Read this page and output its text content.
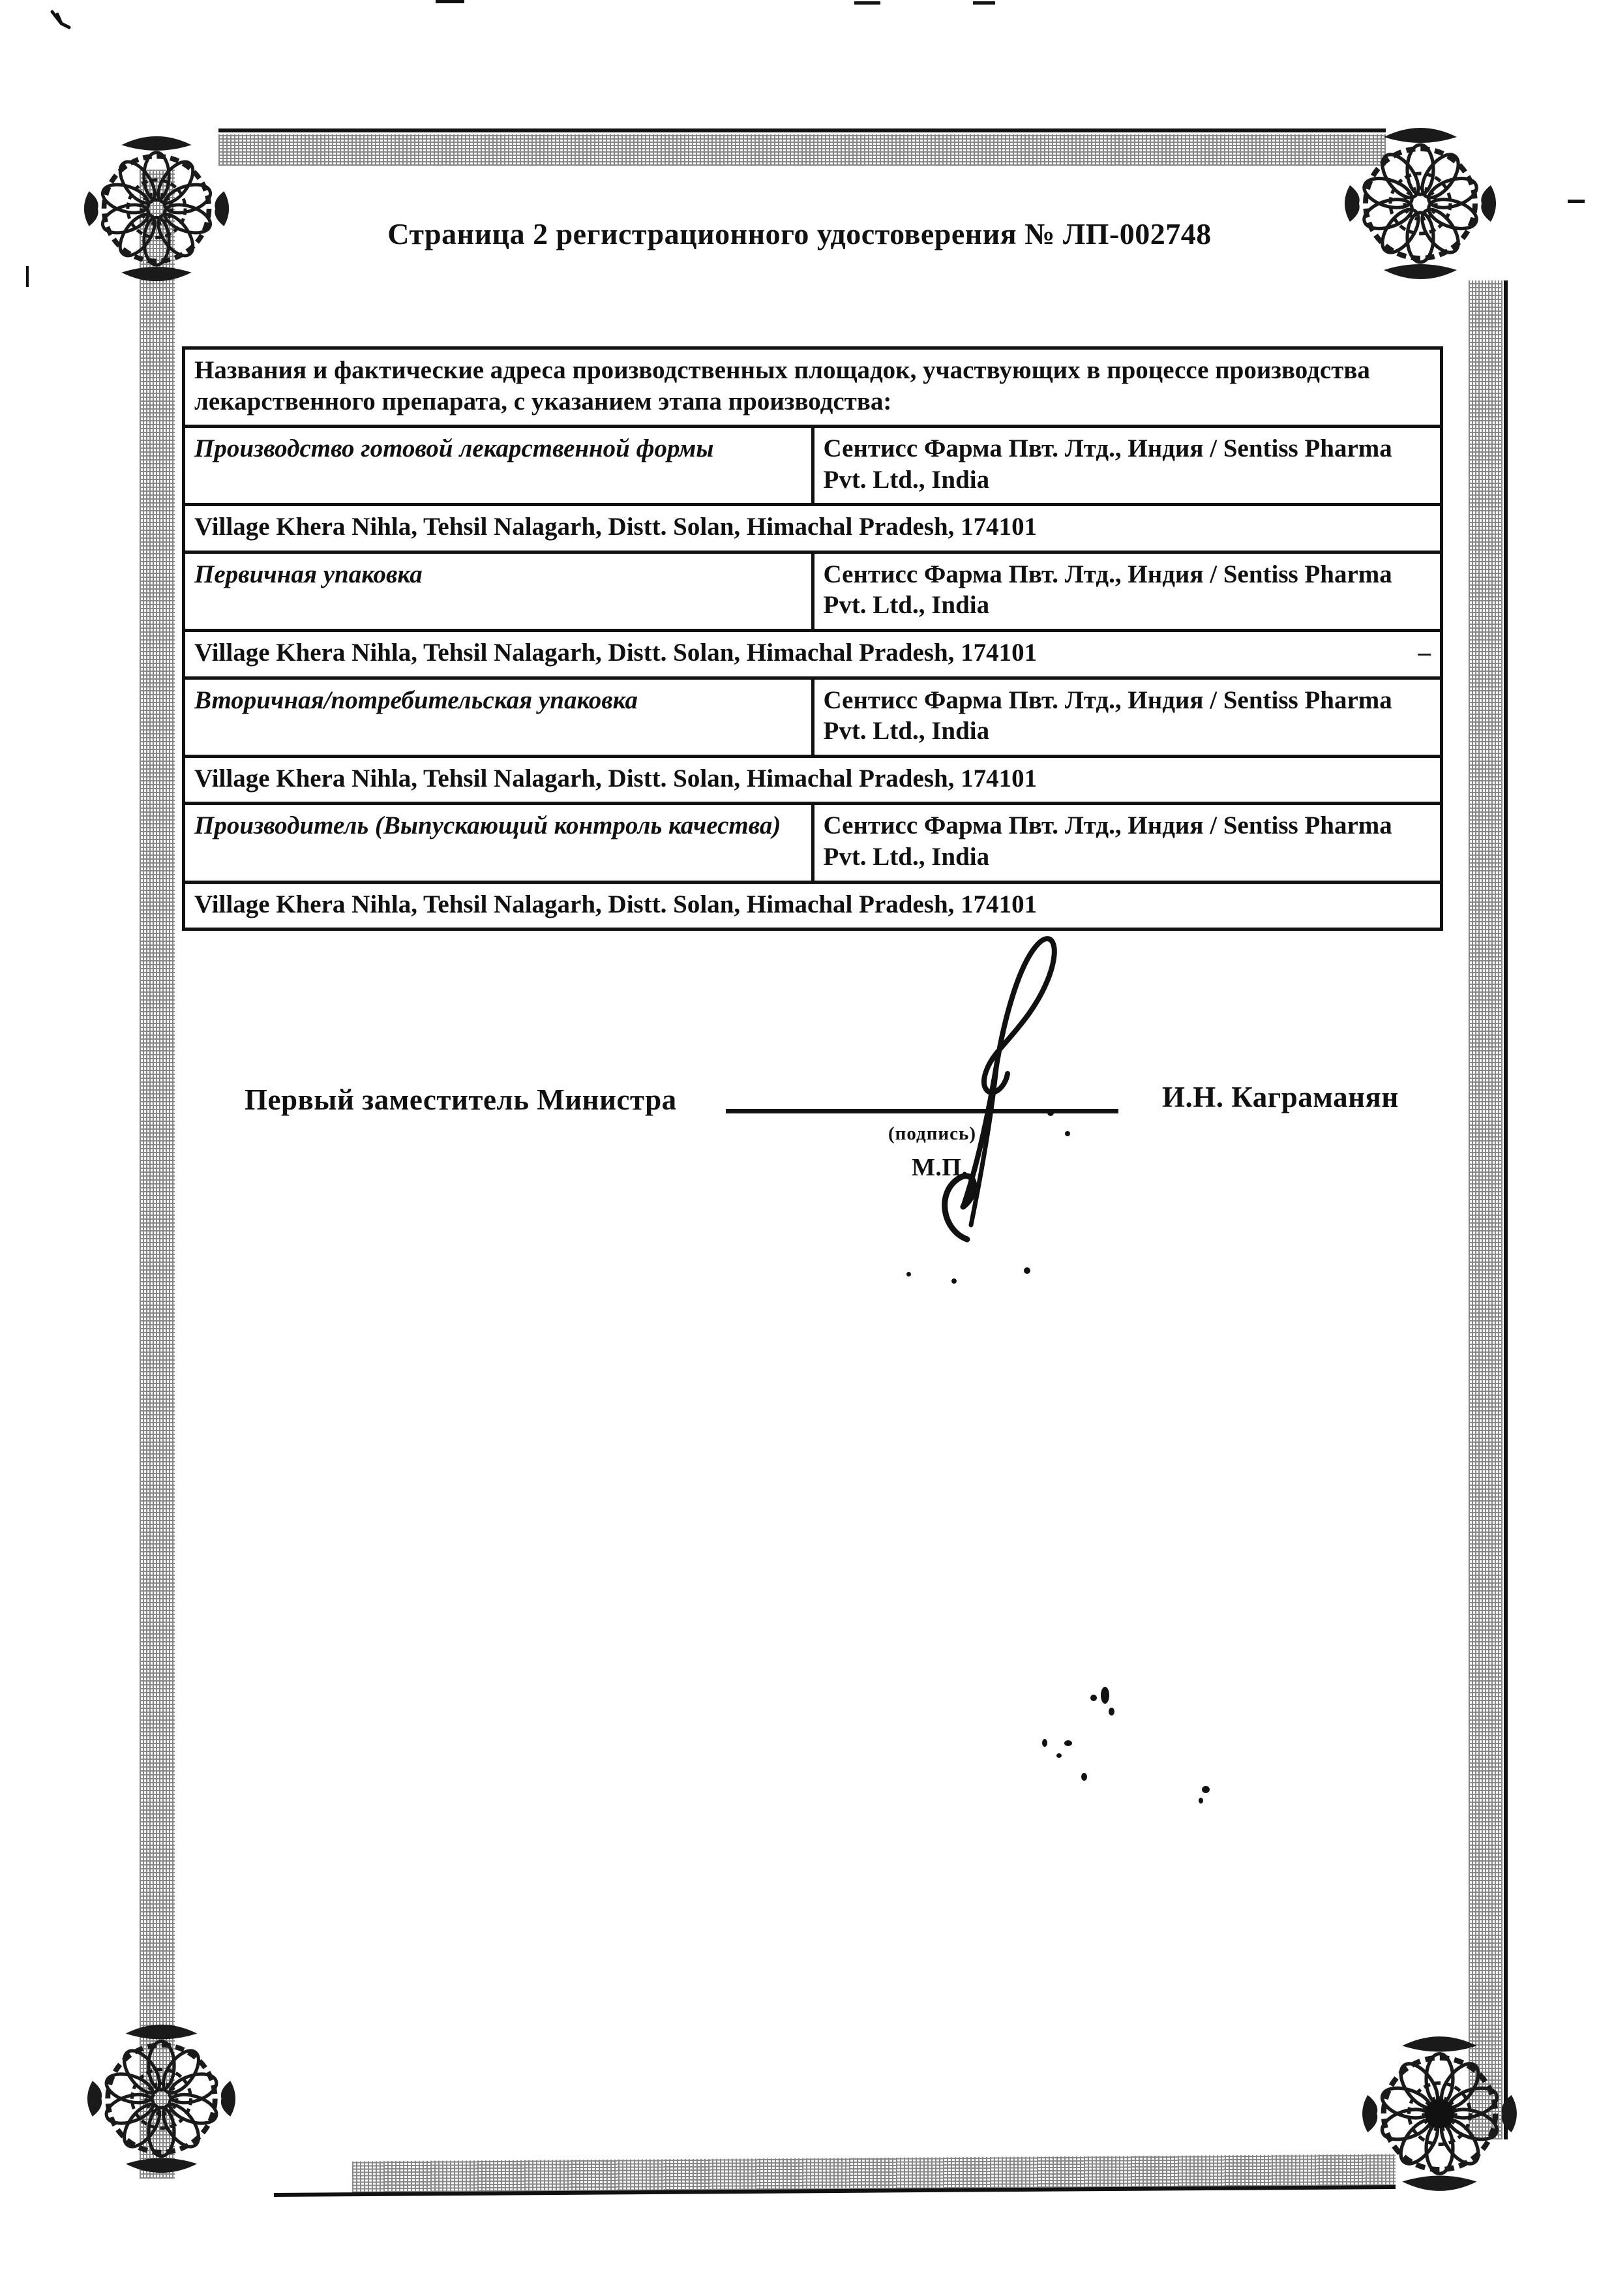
Страница 2 регистрационного удостоверения № ЛП-002748
Названия и фактические адреса производственных площадок, участвующих в процессе производства лекарственного препарата, с указанием этапа производства:	
Производство готовой лекарственной формы	Сентисс Фарма Пвт. Лтд., Индия / Sentiss Pharma Pvt. Ltd., India

Village Khera Nihla, Tehsil Nalagarh, Distt. Solan, Himachal Pradesh, 174101	

Первичная упаковка	Сентисс Фарма Пвт. Лтд., Индия / Sentiss Pharma Pvt. Ltd., India

Village Khera Nihla, Tehsil Nalagarh, Distt. Solan, Himachal Pradesh, 174101 –	

Вторичная/потребительская упаковка	Сентисс Фарма Пвт. Лтд., Индия / Sentiss Pharma Pvt. Ltd., India

Village Khera Nihla, Tehsil Nalagarh, Distt. Solan, Himachal Pradesh, 174101	

Производитель (Выпускающий контроль качества)	Сентисс Фарма Пвт. Лтд., Индия / Sentiss Pharma Pvt. Ltd., India

Village Khera Nihla, Tehsil Nalagarh, Distt. Solan, Himachal Pradesh, 174101	
Первый заместитель Министра	И.Н. Каграманян
(подпись)
М.П.
